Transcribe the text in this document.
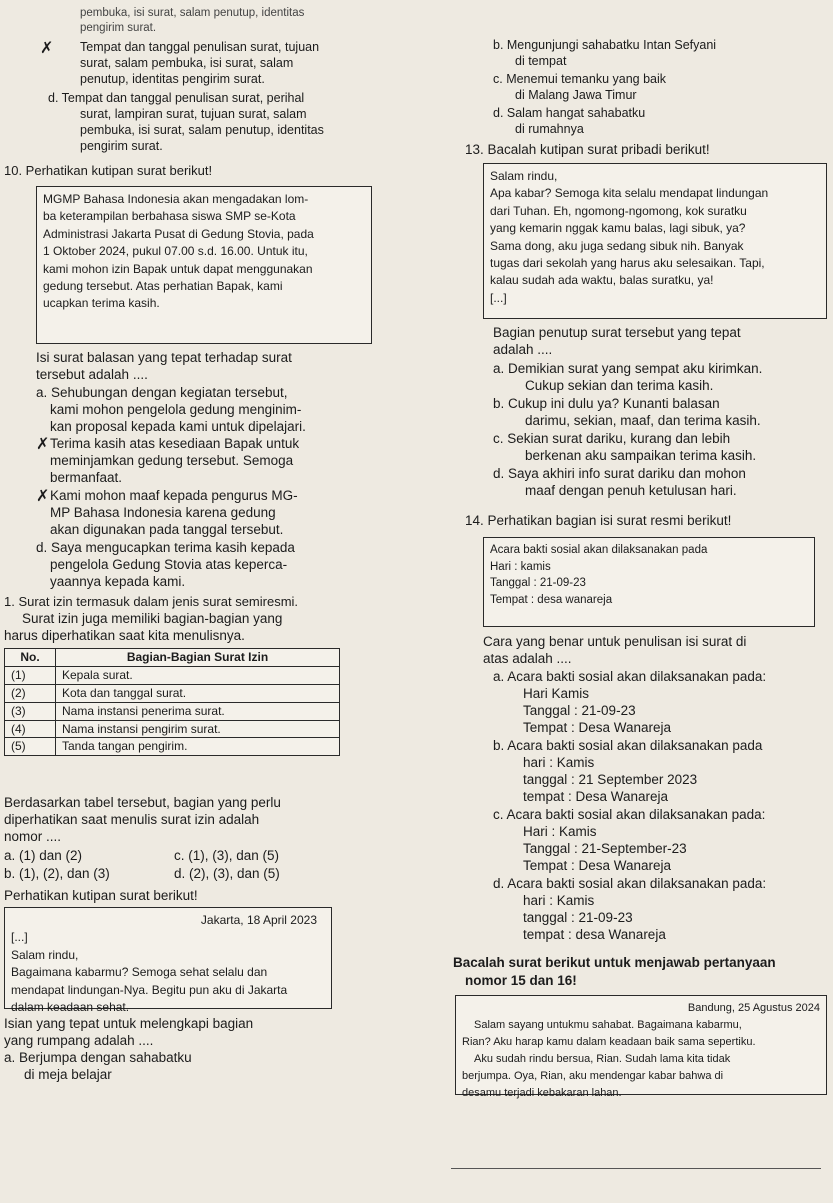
pembuka, isi surat, salam penutup, identitas
pengirim surat.
✗ Tempat dan tanggal penulisan surat, tujuan
surat, salam pembuka, isi surat, salam
penutup, identitas pengirim surat.
d. Tempat dan tanggal penulisan surat, perihal
surat, lampiran surat, tujuan surat, salam
pembuka, isi surat, salam penutup, identitas
pengirim surat.
10. Perhatikan kutipan surat berikut!
MGMP Bahasa Indonesia akan mengadakan lom-
ba keterampilan berbahasa siswa SMP se-Kota
Administrasi Jakarta Pusat di Gedung Stovia, pada
1 Oktober 2024, pukul 07.00 s.d. 16.00. Untuk itu,
kami mohon izin Bapak untuk dapat menggunakan
gedung tersebut. Atas perhatian Bapak, kami
ucapkan terima kasih.
Isi surat balasan yang tepat terhadap surat
tersebut adalah ....
a. Sehubungan dengan kegiatan tersebut,
kami mohon pengelola gedung menginim-
kan proposal kepada kami untuk dipelajari.
✗ Terima kasih atas kesediaan Bapak untuk
meminjamkan gedung tersebut. Semoga
bermanfaat.
✗ Kami mohon maaf kepada pengurus MG-
MP Bahasa Indonesia karena gedung
akan digunakan pada tanggal tersebut.
d. Saya mengucapkan terima kasih kepada
pengelola Gedung Stovia atas keperca-
yaannya kepada kami.
1. Surat izin termasuk dalam jenis surat semiresmi.
Surat izin juga memiliki bagian-bagian yang
harus diperhatikan saat kita menulisnya.
No.	Bagian-Bagian Surat Izin
(1)	Kepala surat.
(2)	Kota dan tanggal surat.
(3)	Nama instansi penerima surat.
(4)	Nama instansi pengirim surat.
(5)	Tanda tangan pengirim.
Berdasarkan tabel tersebut, bagian yang perlu
diperhatikan saat menulis surat izin adalah
nomor ....
a. (1) dan (2)	c. (1), (3), dan (5)
b. (1), (2), dan (3)	d. (2), (3), dan (5)
Perhatikan kutipan surat berikut!
Jakarta, 18 April 2023
[...]
Salam rindu,
Bagaimana kabarmu? Semoga sehat selalu dan
mendapat lindungan-Nya. Begitu pun aku di Jakarta
dalam keadaan sehat.
Isian yang tepat untuk melengkapi bagian
yang rumpang adalah ....
a. Berjumpa dengan sahabatku
di meja belajar
b. Mengunjungi sahabatku Intan Sefyani
di tempat
c. Menemui temanku yang baik
di Malang Jawa Timur
d. Salam hangat sahabatku
di rumahnya
13. Bacalah kutipan surat pribadi berikut!
Salam rindu,
Apa kabar? Semoga kita selalu mendapat lindungan
dari Tuhan. Eh, ngomong-ngomong, kok suratku
yang kemarin nggak kamu balas, lagi sibuk, ya?
Sama dong, aku juga sedang sibuk nih. Banyak
tugas dari sekolah yang harus aku selesaikan. Tapi,
kalau sudah ada waktu, balas suratku, ya!
[...]
Bagian penutup surat tersebut yang tepat
adalah ....
a. Demikian surat yang sempat aku kirimkan.
Cukup sekian dan terima kasih.
b. Cukup ini dulu ya? Kunanti balasan
darimu, sekian, maaf, dan terima kasih.
c. Sekian surat dariku, kurang dan lebih
berkenan aku sampaikan terima kasih.
d. Saya akhiri info surat dariku dan mohon
maaf dengan penuh ketulusan hari.
14. Perhatikan bagian isi surat resmi berikut!
Acara bakti sosial akan dilaksanakan pada
Hari : kamis
Tanggal : 21-09-23
Tempat : desa wanareja
Cara yang benar untuk penulisan isi surat di
atas adalah ....
a. Acara bakti sosial akan dilaksanakan pada:
Hari Kamis
Tanggal : 21-09-23
Tempat : Desa Wanareja
b. Acara bakti sosial akan dilaksanakan pada
hari : Kamis
tanggal : 21 September 2023
tempat : Desa Wanareja
c. Acara bakti sosial akan dilaksanakan pada:
Hari : Kamis
Tanggal : 21-September-23
Tempat : Desa Wanareja
d. Acara bakti sosial akan dilaksanakan pada:
hari : Kamis
tanggal : 21-09-23
tempat : desa Wanareja
Bacalah surat berikut untuk menjawab pertanyaan
nomor 15 dan 16!
Bandung, 25 Agustus 2024
Salam sayang untukmu sahabat. Bagaimana kabarmu,
Rian? Aku harap kamu dalam keadaan baik sama sepertiku.
Aku sudah rindu bersua, Rian. Sudah lama kita tidak
berjumpa. Oya, Rian, aku mendengar kabar bahwa di
desamu terjadi kebakaran lahan.
